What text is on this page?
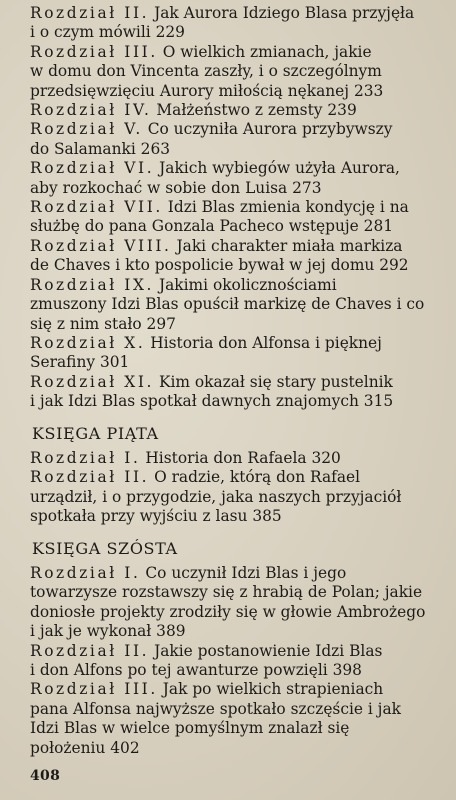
Rozdział II. Jak Aurora Idziego Blasa przyjęła
i o czym mówili 229
Rozdział III. O wielkich zmianach, jakie
w domu don Vincenta zaszły, i o szczególnym
przedsięwzięciu Aurory miłością nękanej 233
Rozdział IV. Małżeństwo z zemsty 239
Rozdział V. Co uczyniła Aurora przybywszy
do Salamanki 263
Rozdział VI. Jakich wybiegów użyła Aurora,
aby rozkochać w sobie don Luisa 273
Rozdział VII. Idzi Blas zmienia kondycję i na
służbę do pana Gonzala Pacheco wstępuje 281
Rozdział VIII. Jaki charakter miała markiza
de Chaves i kto pospolicie bywał w jej domu 292
Rozdział IX. Jakimi okolicznościami
zmuszony Idzi Blas opuścił markizę de Chaves i co
się z nim stało 297
Rozdział X. Historia don Alfonsa i pięknej
Serafiny 301
Rozdział XI. Kim okazał się stary pustelnik
i jak Idzi Blas spotkał dawnych znajomych 315
KSIĘGA PIĄTA
Rozdział I. Historia don Rafaela 320
Rozdział II. O radzie, którą don Rafael
urządził, i o przygodzie, jaka naszych przyjaciół
spotkała przy wyjściu z lasu 385
KSIĘGA SZÓSTA
Rozdział I. Co uczynił Idzi Blas i jego
towarzysze rozstawszy się z hrabią de Polan; jakie
doniosłe projekty zrodziły się w głowie Ambrożego
i jak je wykonał 389
Rozdział II. Jakie postanowienie Idzi Blas
i don Alfons po tej awanturze powzięli 398
Rozdział III. Jak po wielkich strapieniach
pana Alfonsa najwyższe spotkało szczęście i jak
Idzi Blas w wielce pomyślnym znalazł się
położeniu 402
408
